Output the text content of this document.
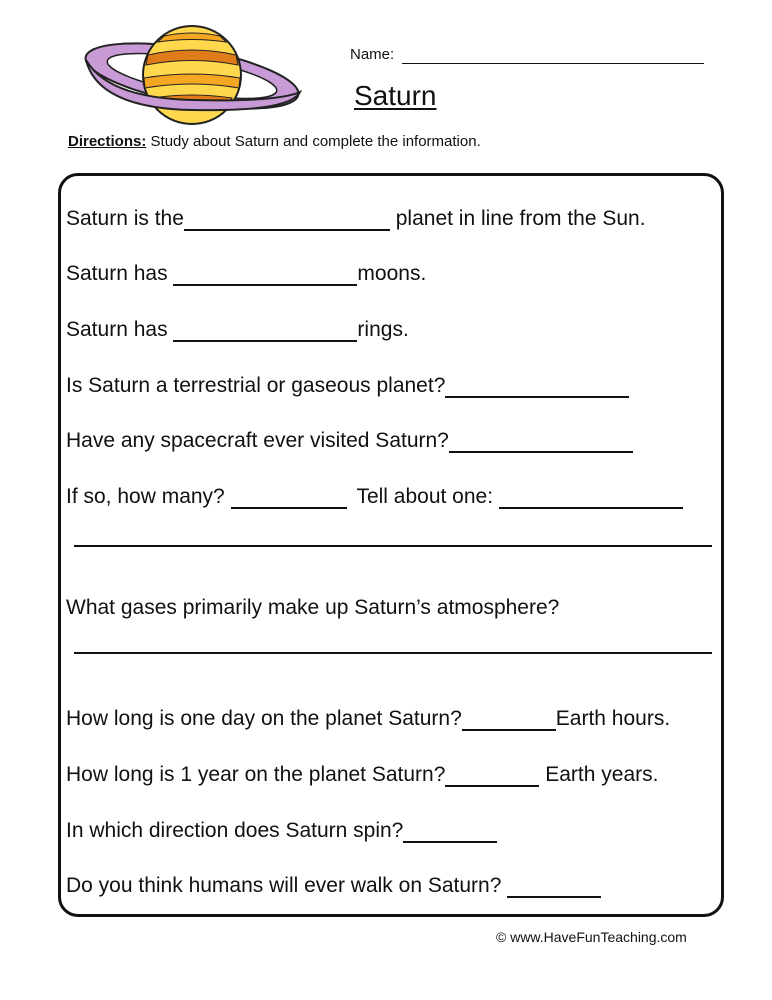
Name:
Saturn
Directions: Study about Saturn and complete the information.
Saturn is the	planet in line from the Sun.
Saturn has	moons.
Saturn has	rings.
Is Saturn a terrestrial or gaseous planet?
Have any spacecraft ever visited Saturn?
If so, how many?	Tell about one:
What gases primarily make up Saturn’s atmosphere?
How long is one day on the planet Saturn?	Earth hours.
How long is 1 year on the planet Saturn?	Earth years.
In which direction does Saturn spin?
Do you think humans will ever walk on Saturn?
© www.HaveFunTeaching.com
